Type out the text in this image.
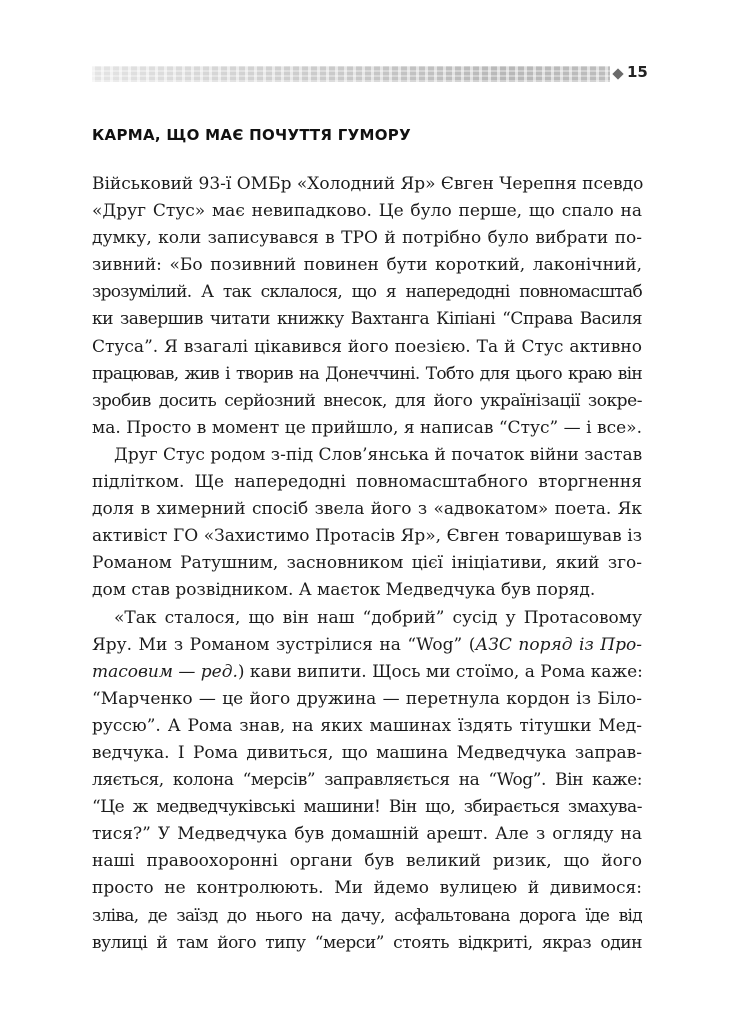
15
КАРМА, ЩО МАЄ ПОЧУТТЯ ГУМОРУ
Військовий 93-ї ОМБр «Холодний Яр» Євген Черепня псевдо
«Друг Стус» має невипадково. Це було перше, що спало на
думку, коли записувався в ТРО й потрібно було вибрати по-
зивний: «Бо позивний повинен бути короткий, лаконічний,
зрозумілий. А так склалося, що я напередодні повномасштаб
ки завершив читати книжку Вахтанга Кіпіані “Справа Василя
Стуса”. Я взагалі цікавився його поезією. Та й Стус активно
працював, жив і творив на Донеччині. Тобто для цього краю він
зробив досить серйозний внесок, для його українізації зокре-
ма. Просто в момент це прийшло, я написав “Стус” — і все».
Друг Стус родом з-під Слов’янська й початок війни застав
підлітком. Ще напередодні повномасштабного вторгнення
доля в химерний спосіб звела його з «адвокатом» поета. Як
активіст ГО «Захистимо Протасів Яр», Євген товаришував із
Романом Ратушним, засновником цієї ініціативи, який зго-
дом став розвідником. А маєток Медведчука був поряд.
«Так сталося, що він наш “добрий” сусід у Протасовому
Яру. Ми з Романом зустрілися на “Wog” (АЗС поряд із Про-
тасовим — ред.) кави випити. Щось ми стоїмо, а Рома каже:
“Марченко — це його дружина — перетнула кордон із Біло-
руссю”. А Рома знав, на яких машинах їздять тітушки Мед-
ведчука. І Рома дивиться, що машина Медведчука заправ-
ляється, колона “мерсів” заправляється на “Wog”. Він каже:
“Це ж медведчуківські машини! Він що, збирається змахува-
тися?” У Медведчука був домашній арешт. Але з огляду на
наші правоохоронні органи був великий ризик, що його
просто не контролюють. Ми йдемо вулицею й дивимося:
зліва, де заїзд до нього на дачу, асфальтована дорога їде від
вулиці й там його типу “мерси” стоять відкриті, якраз один
